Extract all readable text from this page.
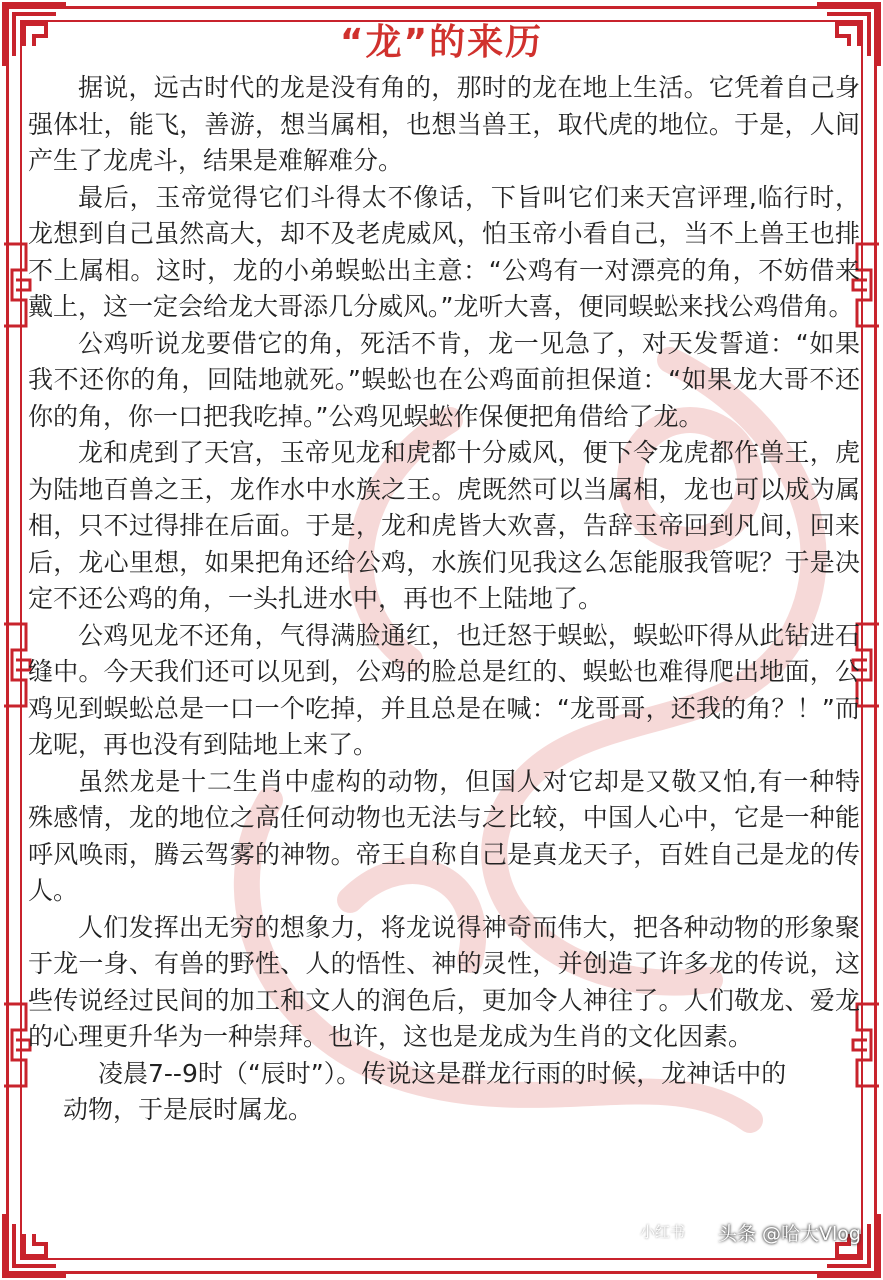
“龙”的来历

据说，远古时代的龙是没有角的，那时的龙在地上生活。它凭着自己身强体壮，能飞，善游，想当属相，也想当兽王，取代虎的地位。于是，人间产生了龙虎斗，结果是难解难分。

最后，玉帝觉得它们斗得太不像话，下旨叫它们来天宫评理,临行时，龙想到自己虽然高大，却不及老虎威风，怕玉帝小看自己，当不上兽王也排不上属相。这时，龙的小弟蜈蚣出主意：“公鸡有一对漂亮的角，不妨借来戴上，这一定会给龙大哥添几分威风。”龙听大喜，便同蜈蚣来找公鸡借角。

公鸡听说龙要借它的角，死活不肯，龙一见急了，对天发誓道：“如果我不还你的角，回陆地就死。”蜈蚣也在公鸡面前担保道：“如果龙大哥不还你的角，你一口把我吃掉。”公鸡见蜈蚣作保便把角借给了龙。

龙和虎到了天宫，玉帝见龙和虎都十分威风，便下令龙虎都作兽王，虎为陆地百兽之王，龙作水中水族之王。虎既然可以当属相，龙也可以成为属相，只不过得排在后面。于是，龙和虎皆大欢喜，告辞玉帝回到凡间，回来后，龙心里想，如果把角还给公鸡，水族们见我这么怎能服我管呢？于是决定不还公鸡的角，一头扎进水中，再也不上陆地了。

公鸡见龙不还角，气得满脸通红，也迁怒于蜈蚣，蜈蚣吓得从此钻进石缝中。今天我们还可以见到，公鸡的脸总是红的、蜈蚣也难得爬出地面，公鸡见到蜈蚣总是一口一个吃掉，并且总是在喊：“龙哥哥，还我的角？！”而龙呢，再也没有到陆地上来了。

虽然龙是十二生肖中虚构的动物，但国人对它却是又敬又怕,有一种特殊感情，龙的地位之高任何动物也无法与之比较，中国人心中，它是一种能呼风唤雨，腾云驾雾的神物。帝王自称自己是真龙天子，百姓自己是龙的传人。

人们发挥出无穷的想象力，将龙说得神奇而伟大，把各种动物的形象聚于龙一身、有兽的野性、人的悟性、神的灵性，并创造了许多龙的传说，这些传说经过民间的加工和文人的润色后，更加令人神往了。人们敬龙、爱龙的心理更升华为一种崇拜。也许，这也是龙成为生肖的文化因素。

凌晨7--9时（“辰时”）。传说这是群龙行雨的时候，龙神话中的

动物，于是辰时属龙。

小红书 头条 @哈大Vlog
